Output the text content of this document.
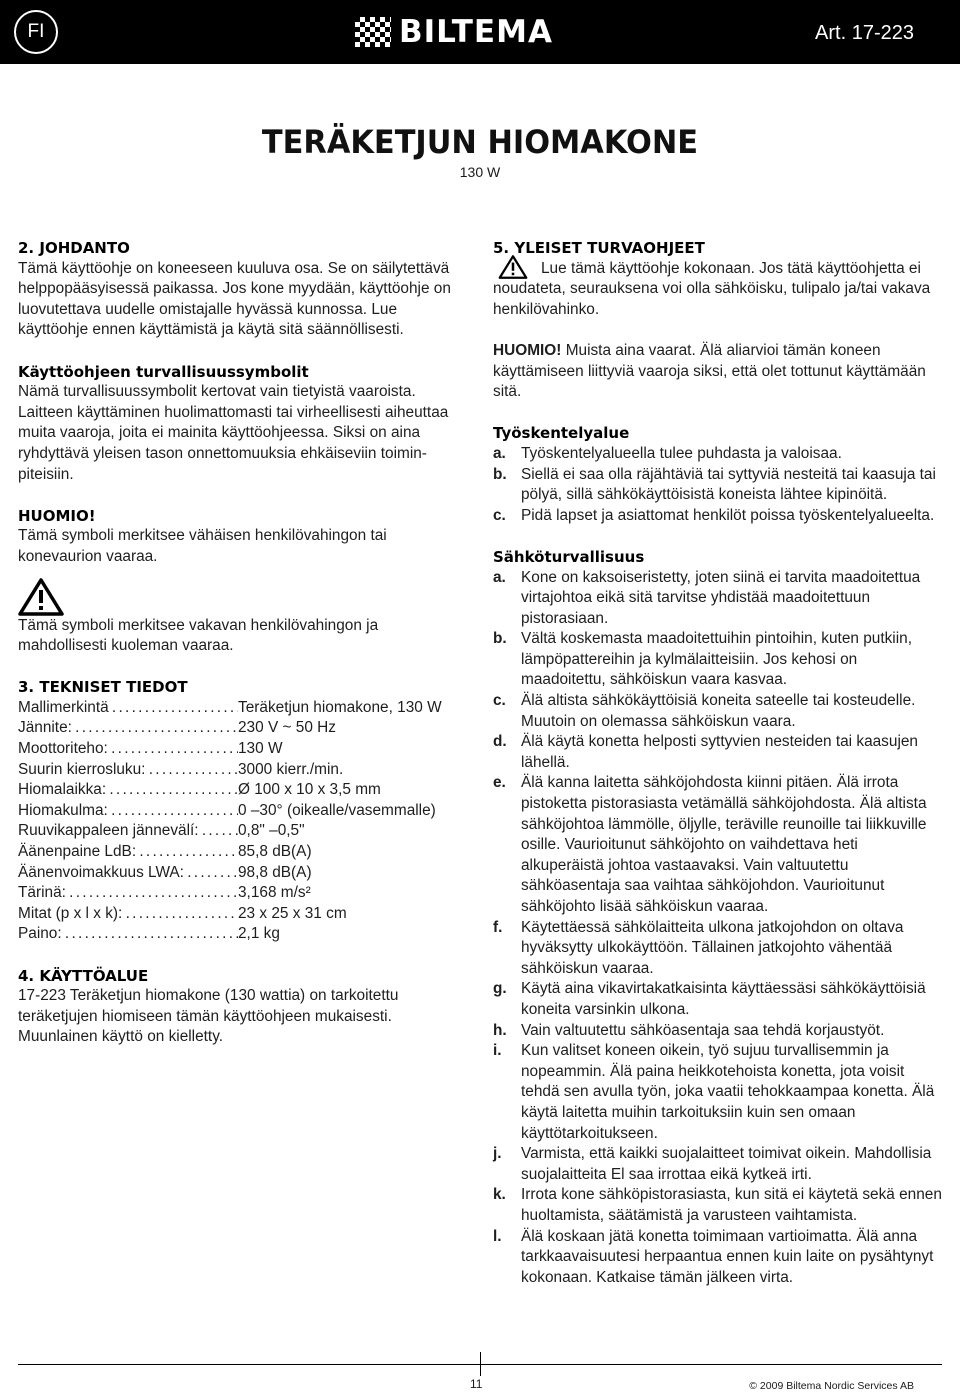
FI	BILTEMA	Art. 17-223
TERÄKETJUN HIOMAKONE
130 W
2. JOHDANTO

Tämä käyttöohje on koneeseen kuuluva osa. Se on säilytettävä helppopääsyisessä paikassa. Jos kone myydään, käyttöohje on luovutettava uudelle omistajalle hyvässä kunnossa. Lue käyttöohje ennen käyttämistä ja käytä sitä säännöllisesti.

Käyttöohjeen turvallisuussymbolit

Nämä turvallisuussymbolit kertovat vain tietyistä vaaroista. Laitteen käyttäminen huolimattomasti tai virheellisesti aiheuttaa muita vaaroja, joita ei mainita käyttöohjeessa. Siksi on aina ryhdyttävä yleisen tason onnettomuuksia ehkäiseviin toiminpiteisiin.

HUOMIO!

Tämä symboli merkitsee vähäisen henkilövahingon tai konevaurion vaaraa.

Tämä symboli merkitsee vakavan henkilövahingon ja mahdollisesti kuoleman vaaraa.

3. TEKNISET TIEDOT
Mallimerkintä . . .	Teräketjun hiomakone, 130 W
Jännite: . . .	230 V ~ 50 Hz
Moottoriteho: . . .	130 W
Suurin kierrosluku: . . .	3000 kierr./min.
Hiomalaikka: . . .	Ø 100 x 10 x 3,5 mm
Hiomakulma: . . .	0 –30° (oikealle/vasemmalle)
Ruuvikappaleen jännevälí: . . .	0,8" –0,5"
Äänenpaine LdB: . . .	85,8 dB(A)
Äänenvoimakkuus LWA: . . .	98,8 dB(A)
Tärinä: . . .	3,168 m/s²
Mitat (p x l x k): . . .	23 x 25 x 31 cm
Paino: . . .	2,1 kg
4. KÄYTTÖALUE

17-223 Teräketjun hiomakone (130 wattia) on tarkoitettu teräketjujen hiomiseen tämän käyttöohjeen mukaisesti. Muunlainen käyttö on kielletty.

5. YLEISET TURVAOHJEET

Lue tämä käyttöohje kokonaan. Jos tätä käyttöohjetta ei noudateta, seurauksena voi olla sähköisku, tulipalo ja/tai vakava henkilövahinko.

HUOMIO! Muista aina vaarat. Älä aliarvioi tämän koneen käyttämiseen liittyviä vaaroja siksi, että olet tottunut käyttämään sitä.

Työskentelyalue
a. Työskentelyalueella tulee puhdasta ja valoisaa.
b. Siellä ei saa olla räjähtäviä tai syttyviä nesteitä tai kaasuja tai pölyä, sillä sähkökäyttöisistä koneista lähtee kipinöitä.
c. Pidä lapset ja asiattomat henkilöt poissa työskentelyalueelta.
Sähköturvallisuus
a. Kone on kaksoiseristetty, joten siinä ei tarvita maadoitettua virtajohtoa eikä sitä tarvitse yhdistää maadoitettuun pistorasiaan.
b. Vältä koskemasta maadoitettuihin pintoihin, kuten putkiin, lämpöpattereihin ja kylmälaitteisiin. Jos kehosi on maadoitettu, sähköiskun vaara kasvaa.
c. Älä altista sähkökäyttöisiä koneita sateelle tai kosteudelle. Muutoin on olemassa sähköiskun vaara.
d. Älä käytä konetta helposti syttyvien nesteiden tai kaasujen lähellä.
e. Älä kanna laitetta sähköjohdosta kiinni pitäen. Älä irrota pistoketta pistorasiasta vetämällä sähköjohdosta. Älä altista sähköjohtoa lämmölle, öljylle, teräville reunoille tai liikkuville osille. Vaurioitunut sähköjohto on vaihdettava heti alkuperäistä johtoa vastaavaksi. Vain valtuutettu sähköasentaja saa vaihtaa sähköjohdon. Vaurioitunut sähköjohto lisää sähköiskun vaaraa.
f.	Käytettäessä sähkölaitteita ulkona jatkojohdon on oltava hyväksytty ulkokäyttöön. Tällainen jatkojohto vähentää sähköiskun vaaraa.
g. Käytä aina vikavirtakatkaisinta käyttäessäsi sähkökäyttöisiä koneita varsinkin ulkona.
h. Vain valtuutettu sähköasentaja saa tehdä korjaustyöt.
i.	Kun valitset koneen oikein, työ sujuu turvallisemmin ja nopeammin. Älä paina heikkotehoista konetta, jota voisit tehdä sen avulla työn, joka vaatii tehokkaampaa konetta. Älä käytä laitetta muihin tarkoituksiin kuin sen omaan käyttötarkoitukseen.
j.	Varmista, että kaikki suojalaitteet toimivat oikein. Mahdollisia suojalaitteita El saa irrottaa eikä kytkeä irti.
k. Irrota kone sähköpistorasiasta, kun sitä ei käytetä sekä ennen huoltamista, säätämistä ja varusteen vaihtamista.
l.	Älä koskaan jätä konetta toimimaan vartioimatta. Älä anna tarkkaavaisuutesi herpaantua ennen kuin laite on pysähtynyt kokonaan. Katkaise tämän jälkeen virta.
11	© 2009 Biltema Nordic Services AB
